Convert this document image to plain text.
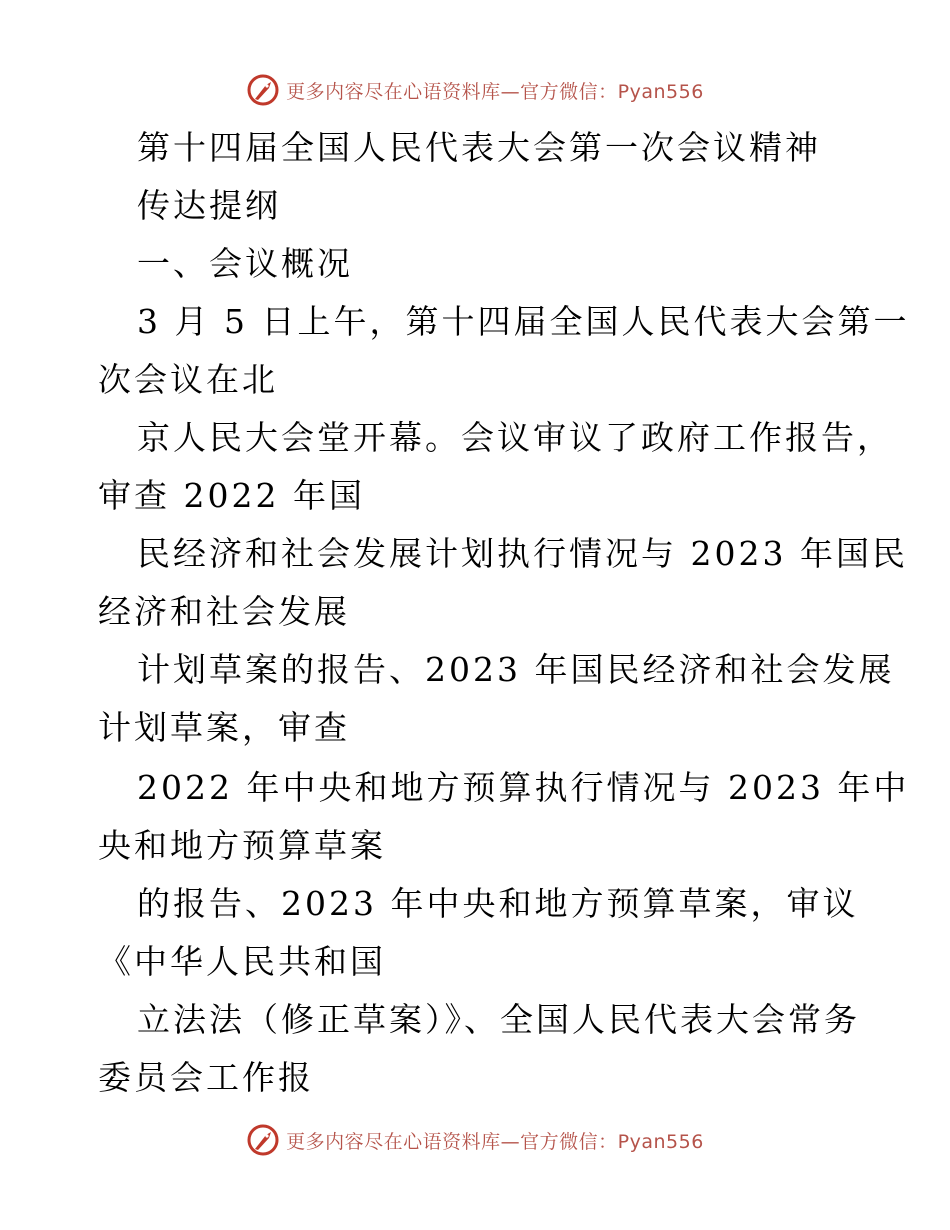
更多内容尽在心语资料库—官方微信：Pyan556
第十四届全国人民代表大会第一次会议精神
传达提纲
一、会议概况
3 月 5 日上午，第十四届全国人民代表大会第一
次会议在北
京人民大会堂开幕。会议审议了政府工作报告，
审查 2022 年国
民经济和社会发展计划执行情况与 2023 年国民
经济和社会发展
计划草案的报告、2023 年国民经济和社会发展
计划草案，审查
2022 年中央和地方预算执行情况与 2023 年中
央和地方预算草案
的报告、2023 年中央和地方预算草案，审议
《中华人民共和国
立法法（修正草案）》、全国人民代表大会常务
委员会工作报
更多内容尽在心语资料库—官方微信：Pyan556
